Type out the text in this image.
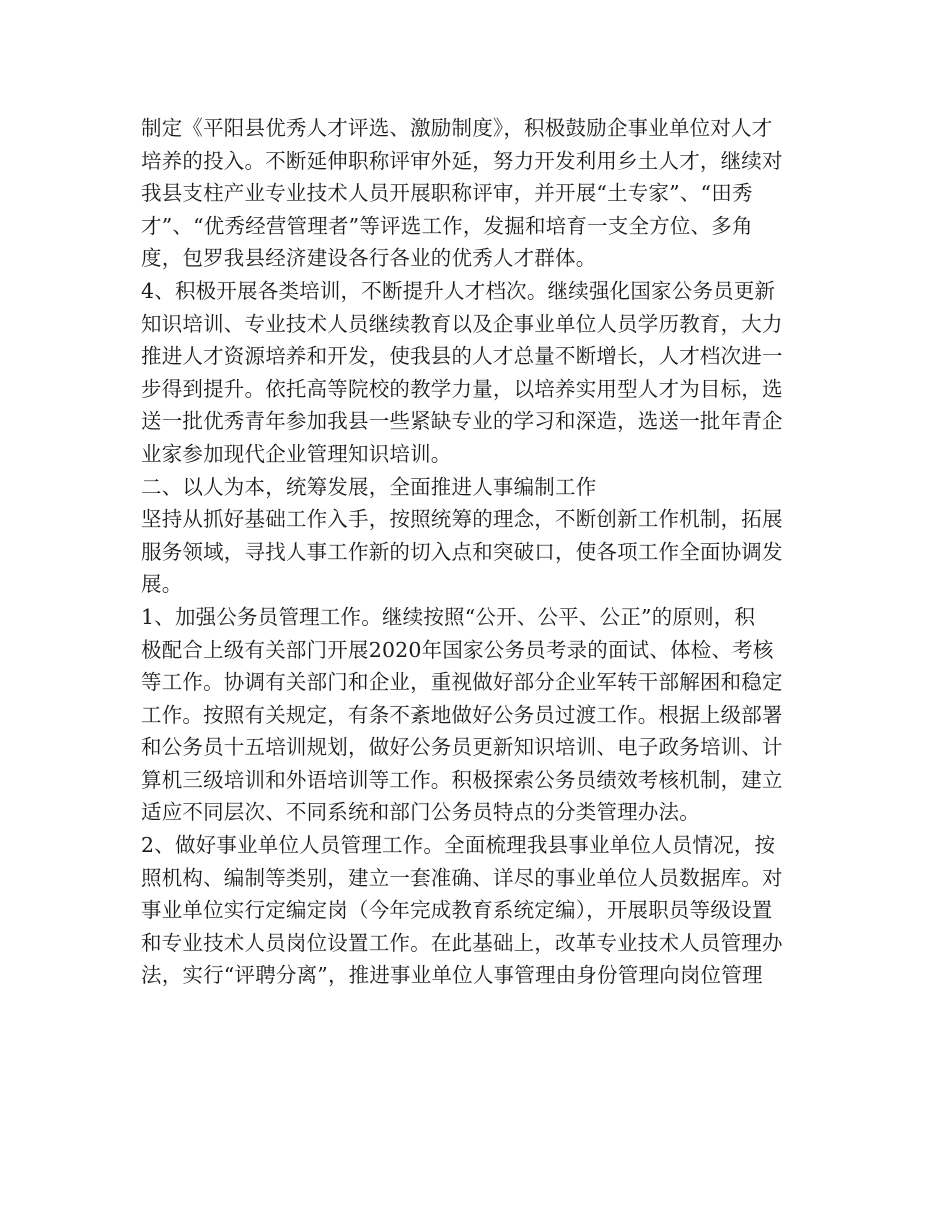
制定《平阳县优秀人才评选、激励制度》，积极鼓励企事业单位对人才
培养的投入。不断延伸职称评审外延，努力开发利用乡土人才，继续对
我县支柱产业专业技术人员开展职称评审，并开展“土专家”、“田秀
才”、“优秀经营管理者”等评选工作，发掘和培育一支全方位、多角
度，包罗我县经济建设各行各业的优秀人才群体。
4、积极开展各类培训，不断提升人才档次。继续强化国家公务员更新
知识培训、专业技术人员继续教育以及企事业单位人员学历教育，大力
推进人才资源培养和开发，使我县的人才总量不断增长，人才档次进一
步得到提升。依托高等院校的教学力量，以培养实用型人才为目标，选
送一批优秀青年参加我县一些紧缺专业的学习和深造，选送一批年青企
业家参加现代企业管理知识培训。
二、以人为本，统筹发展，全面推进人事编制工作
坚持从抓好基础工作入手，按照统筹的理念，不断创新工作机制，拓展
服务领域，寻找人事工作新的切入点和突破口，使各项工作全面协调发
展。
1、加强公务员管理工作。继续按照“公开、公平、公正”的原则，积
极配合上级有关部门开展2020年国家公务员考录的面试、体检、考核
等工作。协调有关部门和企业，重视做好部分企业军转干部解困和稳定
工作。按照有关规定，有条不紊地做好公务员过渡工作。根据上级部署
和公务员十五培训规划，做好公务员更新知识培训、电子政务培训、计
算机三级培训和外语培训等工作。积极探索公务员绩效考核机制，建立
适应不同层次、不同系统和部门公务员特点的分类管理办法。
2、做好事业单位人员管理工作。全面梳理我县事业单位人员情况，按
照机构、编制等类别，建立一套准确、详尽的事业单位人员数据库。对
事业单位实行定编定岗（今年完成教育系统定编），开展职员等级设置
和专业技术人员岗位设置工作。在此基础上，改革专业技术人员管理办
法，实行“评聘分离”，推进事业单位人事管理由身份管理向岗位管理
